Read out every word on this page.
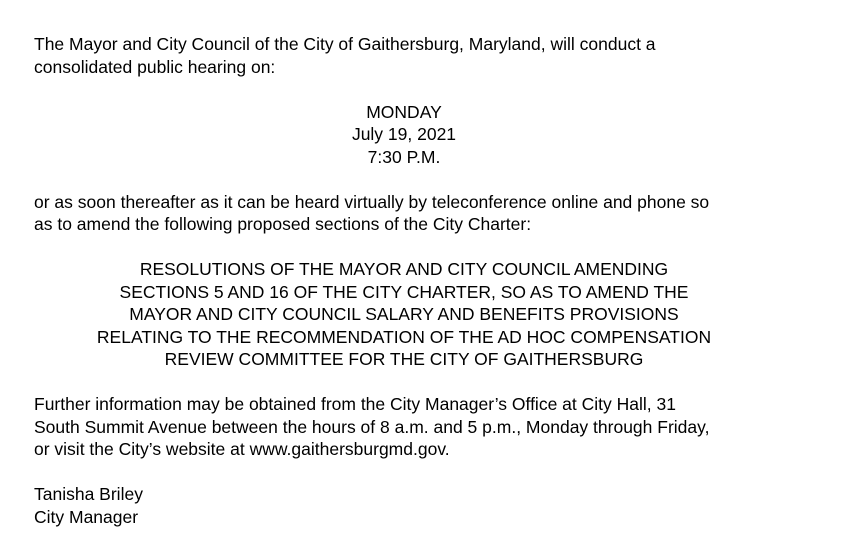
The Mayor and City Council of the City of Gaithersburg, Maryland, will conduct a
consolidated public hearing on:

MONDAY
July 19, 2021
7:30 P.M.

or as soon thereafter as it can be heard virtually by teleconference online and phone so
as to amend the following proposed sections of the City Charter:

RESOLUTIONS OF THE MAYOR AND CITY COUNCIL AMENDING
SECTIONS 5 AND 16 OF THE CITY CHARTER, SO AS TO AMEND THE
MAYOR AND CITY COUNCIL SALARY AND BENEFITS PROVISIONS
RELATING TO THE RECOMMENDATION OF THE AD HOC COMPENSATION
REVIEW COMMITTEE FOR THE CITY OF GAITHERSBURG

Further information may be obtained from the City Manager’s Office at City Hall, 31
South Summit Avenue between the hours of 8 a.m. and 5 p.m., Monday through Friday,
or visit the City’s website at www.gaithersburgmd.gov.

Tanisha Briley
City Manager
